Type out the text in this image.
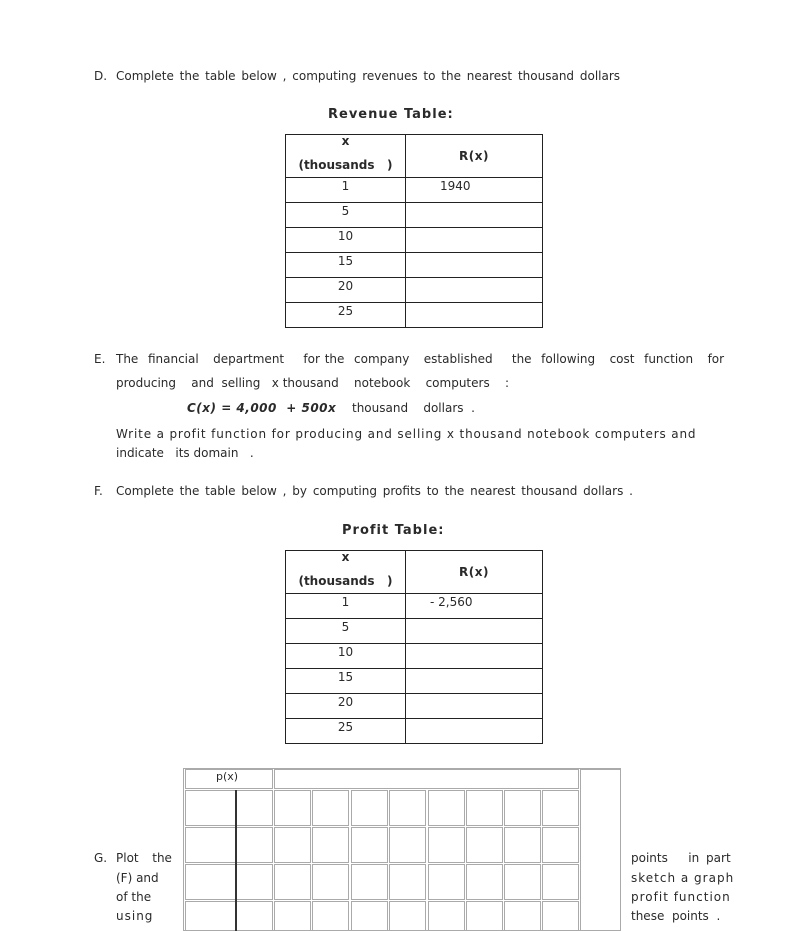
D. Complete the table below , computing revenues to the nearest thousand dollars
Revenue Table:
x
(thousands   )	R(x)
1	1940
5	
10	
15	
20	
25	
E. The  financial   department    for the  company   established    the  following   cost  function   for
producing    and  selling   x thousand    notebook    computers    :
C(x) = 4,000  + 500x thousand    dollars  .
Write a profit function for producing and selling x thousand notebook computers and
indicate   its domain   .
F. Complete the table below , by computing profits to the nearest thousand dollars .
Profit Table:
x
(thousands   )	R(x)
1	- 2,560
5	
10	
15	
20	
25	
p(x)
G. Plot  the
(F) and
of the
using
points   in part
sketch a graph
profit function
these  points  .
